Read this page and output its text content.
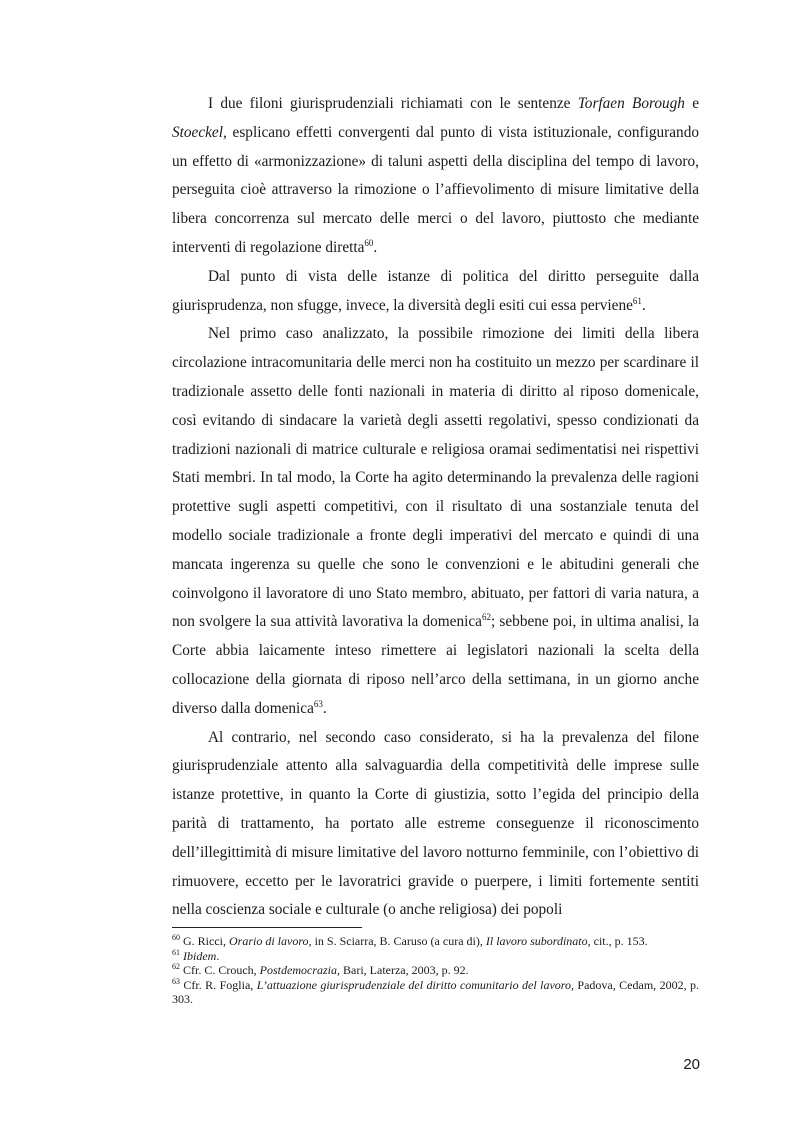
I due filoni giurisprudenziali richiamati con le sentenze Torfaen Borough e Stoeckel, esplicano effetti convergenti dal punto di vista istituzionale, configurando un effetto di «armonizzazione» di taluni aspetti della disciplina del tempo di lavoro, perseguita cioè attraverso la rimozione o l’affievolimento di misure limitative della libera concorrenza sul mercato delle merci o del lavoro, piuttosto che mediante interventi di regolazione diretta$^{60}$.

Dal punto di vista delle istanze di politica del diritto perseguite dalla giurisprudenza, non sfugge, invece, la diversità degli esiti cui essa perviene$^{61}$.

Nel primo caso analizzato, la possibile rimozione dei limiti della libera circolazione intracomunitaria delle merci non ha costituito un mezzo per scardinare il tradizionale assetto delle fonti nazionali in materia di diritto al riposo domenicale, così evitando di sindacare la varietà degli assetti regolativi, spesso condizionati da tradizioni nazionali di matrice culturale e religiosa oramai sedimentatisi nei rispettivi Stati membri. In tal modo, la Corte ha agito determinando la prevalenza delle ragioni protettive sugli aspetti competitivi, con il risultato di una sostanziale tenuta del modello sociale tradizionale a fronte degli imperativi del mercato e quindi di una mancata ingerenza su quelle che sono le convenzioni e le abitudini generali che coinvolgono il lavoratore di uno Stato membro, abituato, per fattori di varia natura, a non svolgere la sua attività lavorativa la domenica$^{62}$; sebbene poi, in ultima analisi, la Corte abbia laicamente inteso rimettere ai legislatori nazionali la scelta della collocazione della giornata di riposo nell’arco della settimana, in un giorno anche diverso dalla domenica$^{63}$.

Al contrario, nel secondo caso considerato, si ha la prevalenza del filone giurisprudenziale attento alla salvaguardia della competitività delle imprese sulle istanze protettive, in quanto la Corte di giustizia, sotto l’egida del principio della parità di trattamento, ha portato alle estreme conseguenze il riconoscimento dell’illegittimità di misure limitative del lavoro notturno femminile, con l’obiettivo di rimuovere, eccetto per le lavoratrici gravide o puerpere, i limiti fortemente sentiti nella coscienza sociale e culturale (o anche religiosa) dei popoli

$^{60}$ G. Ricci, Orario di lavoro, in S. Sciarra, B. Caruso (a cura di), Il lavoro subordinato, cit., p. 153.

$^{61}$ Ibidem.

$^{62}$ Cfr. C. Crouch, Postdemocrazia, Bari, Laterza, 2003, p. 92.

$^{63}$ Cfr. R. Foglia, L’attuazione giurisprudenziale del diritto comunitario del lavoro, Padova, Cedam, 2002, p. 303.

20
